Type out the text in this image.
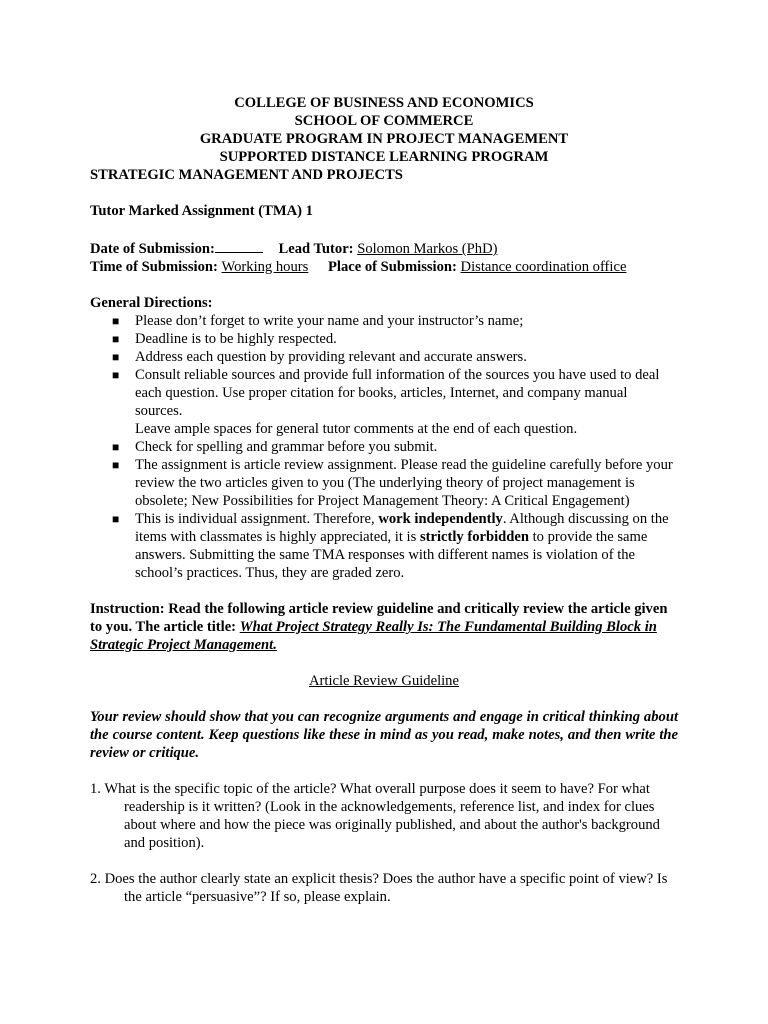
COLLEGE OF BUSINESS AND ECONOMICS
SCHOOL OF COMMERCE
GRADUATE PROGRAM IN PROJECT MANAGEMENT
SUPPORTED DISTANCE LEARNING PROGRAM
STRATEGIC MANAGEMENT AND PROJECTS
Tutor Marked Assignment (TMA) 1
Date of Submission:	Lead Tutor: Solomon Markos (PhD)
Time of Submission: Working hours Place of Submission: Distance coordination office
General Directions:
■ Please don’t forget to write your name and your instructor’s name;
■ Deadline is to be highly respected.
■ Address each question by providing relevant and accurate answers.
■ Consult reliable sources and provide full information of the sources you have used to deal each question. Use proper citation for books, articles, Internet, and company manual sources.
Leave ample spaces for general tutor comments at the end of each question.
■ Check for spelling and grammar before you submit.
■ The assignment is article review assignment. Please read the guideline carefully before your review the two articles given to you (The underlying theory of project management is obsolete; New Possibilities for Project Management Theory: A Critical Engagement)
■ This is individual assignment. Therefore, work independently. Although discussing on the items with classmates is highly appreciated, it is strictly forbidden to provide the same answers. Submitting the same TMA responses with different names is violation of the school’s practices. Thus, they are graded zero.
Instruction: Read the following article review guideline and critically review the article given to you. The article title: What Project Strategy Really Is: The Fundamental Building Block in Strategic Project Management.
Article Review Guideline
Your review should show that you can recognize arguments and engage in critical thinking about the course content. Keep questions like these in mind as you read, make notes, and then write the review or critique.
1. What is the specific topic of the article? What overall purpose does it seem to have? For what readership is it written? (Look in the acknowledgements, reference list, and index for clues about where and how the piece was originally published, and about the author's background and position).
2. Does the author clearly state an explicit thesis? Does the author have a specific point of view? Is the article “persuasive”? If so, please explain.
